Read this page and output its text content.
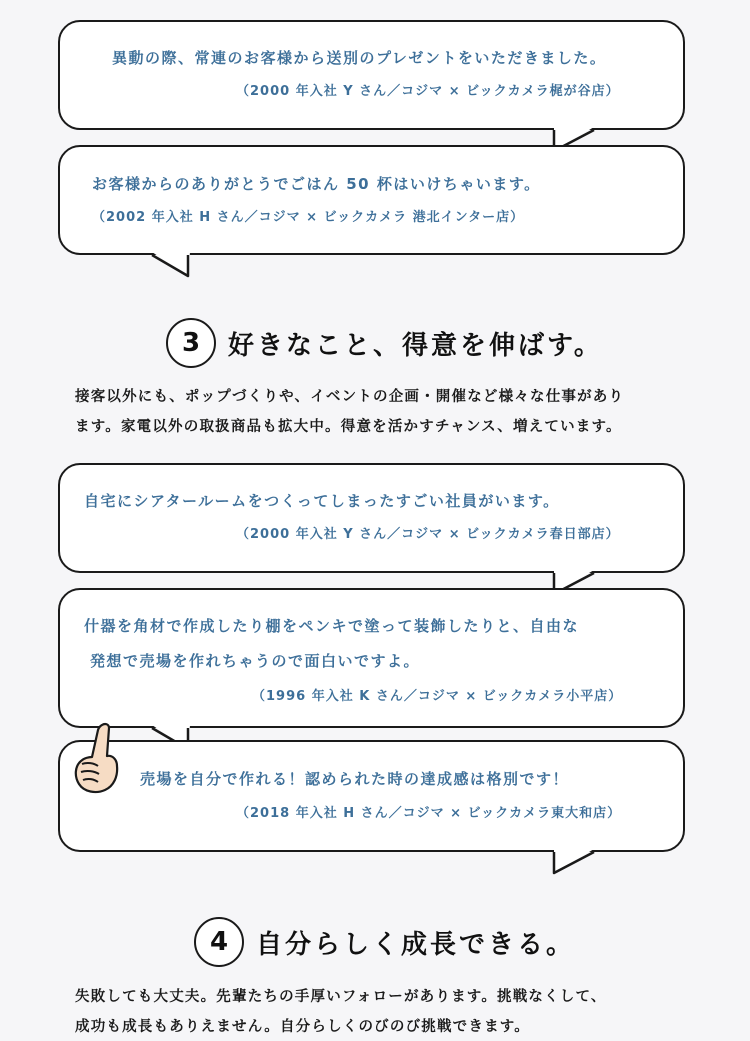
異動の際、常連のお客様から送別のプレゼントをいただきました。
（2000 年入社 Y さん／コジマ × ビックカメラ梶が谷店）
お客様からのありがとうでごはん 50 杯はいけちゃいます。
（2002 年入社 H さん／コジマ × ビックカメラ 港北インター店）
3	好きなこと、得意を伸ばす。
接客以外にも、ポップづくりや、イベントの企画・開催など様々な仕事があり
ます。家電以外の取扱商品も拡大中。得意を活かすチャンス、増えています。
自宅にシアタールームをつくってしまったすごい社員がいます。
（2000 年入社 Y さん／コジマ × ビックカメラ春日部店）
什器を角材で作成したり棚をペンキで塗って装飾したりと、自由な
発想で売場を作れちゃうので面白いですよ。
（1996 年入社 K さん／コジマ × ビックカメラ小平店）
売場を自分で作れる！認められた時の達成感は格別です！
（2018 年入社 H さん／コジマ × ビックカメラ東大和店）
4	自分らしく成長できる。
失敗しても大丈夫。先輩たちの手厚いフォローがあります。挑戦なくして、
成功も成長もありえません。自分らしくのびのび挑戦できます。
